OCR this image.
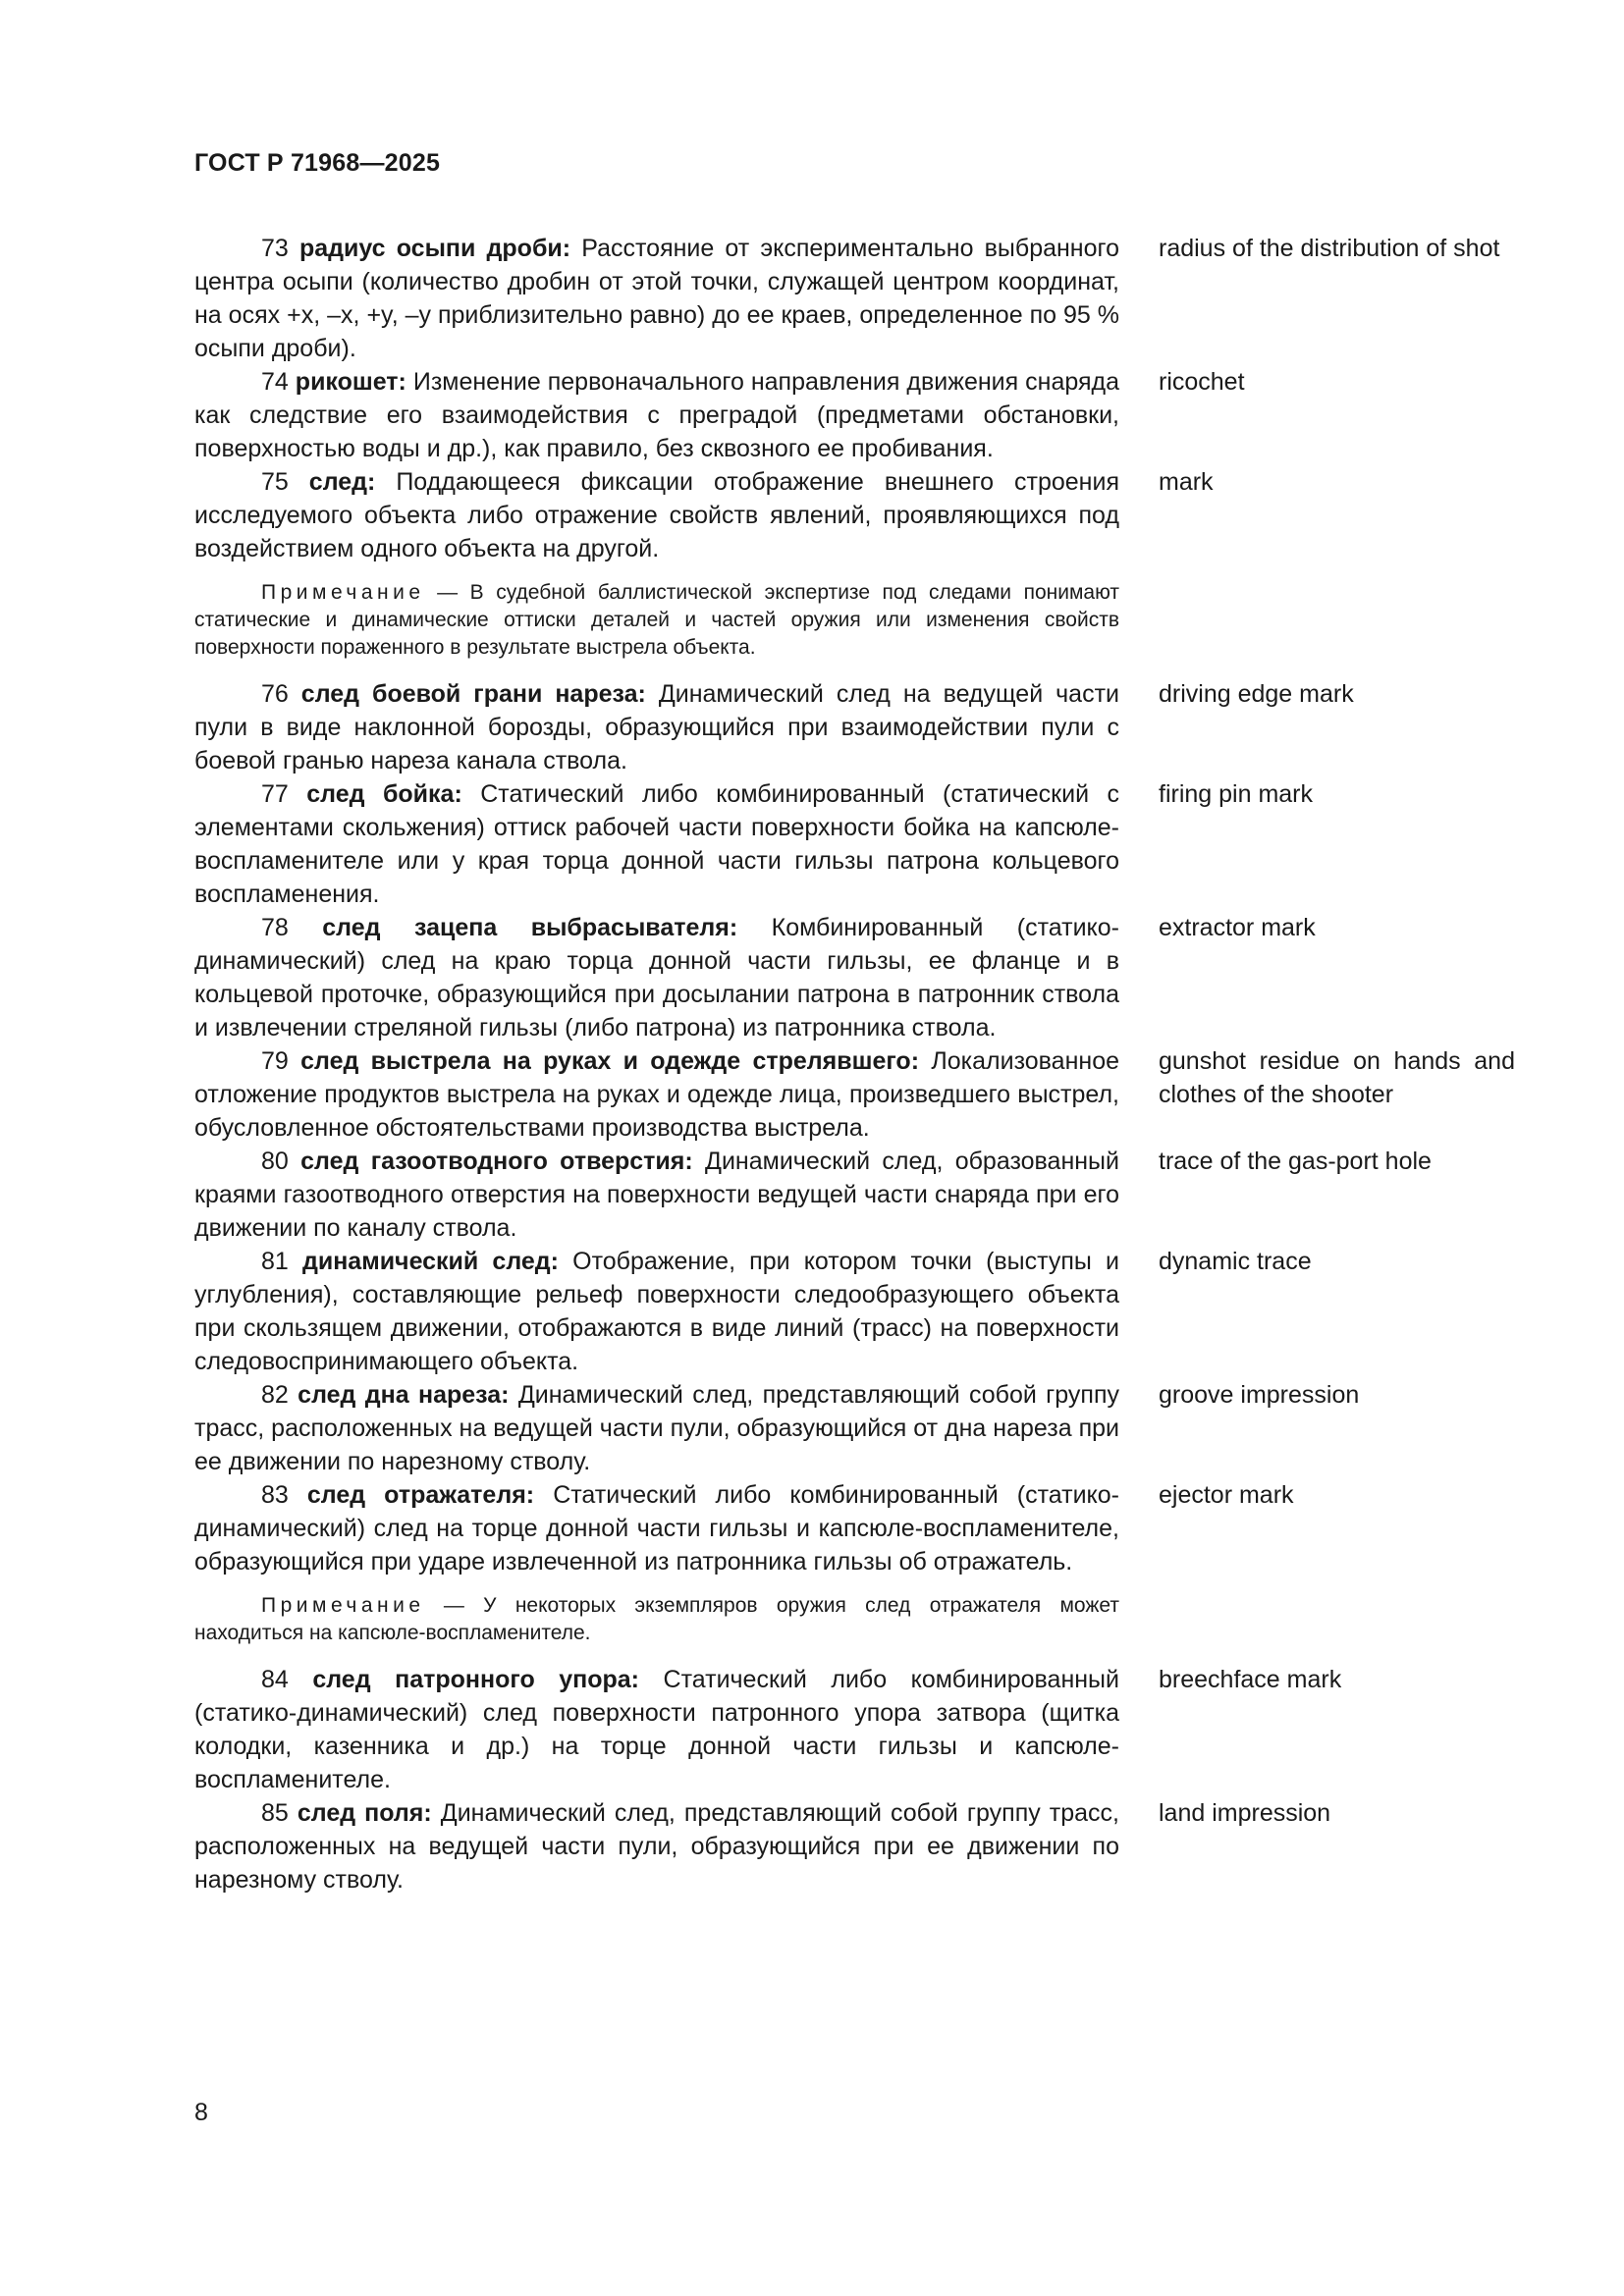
ГОСТ Р 71968—2025
73 радиус осыпи дроби: Расстояние от экспериментально выбранного центра осыпи (количество дробин от этой точки, служащей центром координат, на осях +x, –x, +y, –y приблизительно равно) до ее краев, определенное по 95 % осыпи дроби).
radius of the distribution of shot
74 рикошет: Изменение первоначального направления движения снаряда как следствие его взаимодействия с преградой (предметами обстановки, поверхностью воды и др.), как правило, без сквозного ее пробивания.
ricochet
75 след: Поддающееся фиксации отображение внешнего строения исследуемого объекта либо отражение свойств явлений, проявляющихся под воздействием одного объекта на другой.
mark
Примечание — В судебной баллистической экспертизе под следами понимают статические и динамические оттиски деталей и частей оружия или изменения свойств поверхности пораженного в результате выстрела объекта.
76 след боевой грани нареза: Динамический след на ведущей части пули в виде наклонной борозды, образующийся при взаимодействии пули с боевой гранью нареза канала ствола.
driving edge mark
77 след бойка: Статический либо комбинированный (статический с элементами скольжения) оттиск рабочей части поверхности бойка на капсюле-воспламенителе или у края торца донной части гильзы патрона кольцевого воспламенения.
firing pin mark
78 след зацепа выбрасывателя: Комбинированный (статико-динамический) след на краю торца донной части гильзы, ее фланце и в кольцевой проточке, образующийся при досылании патрона в патронник ствола и извлечении стреляной гильзы (либо патрона) из патронника ствола.
extractor mark
79 след выстрела на руках и одежде стрелявшего: Локализованное отложение продуктов выстрела на руках и одежде лица, произведшего выстрел, обусловленное обстоятельствами производства выстрела.
gunshot residue on hands and clothes of the shooter
80 след газоотводного отверстия: Динамический след, образованный краями газоотводного отверстия на поверхности ведущей части снаряда при его движении по каналу ствола.
trace of the gas-port hole
81 динамический след: Отображение, при котором точки (выступы и углубления), составляющие рельеф поверхности следообразующего объекта при скользящем движении, отображаются в виде линий (трасс) на поверхности следовоспринимающего объекта.
dynamic trace
82 след дна нареза: Динамический след, представляющий собой группу трасс, расположенных на ведущей части пули, образующийся от дна нареза при ее движении по нарезному стволу.
groove impression
83 след отражателя: Статический либо комбинированный (статико-динамический) след на торце донной части гильзы и капсюле-воспламенителе, образующийся при ударе извлеченной из патронника гильзы об отражатель.
ejector mark
Примечание — У некоторых экземпляров оружия след отражателя может находиться на капсюле-воспламенителе.
84 след патронного упора: Статический либо комбинированный (статико-динамический) след поверхности патронного упора затвора (щитка колодки, казенника и др.) на торце донной части гильзы и капсюле-воспламенителе.
breechface mark
85 след поля: Динамический след, представляющий собой группу трасс, расположенных на ведущей части пули, образующийся при ее движении по нарезному стволу.
land impression
8
